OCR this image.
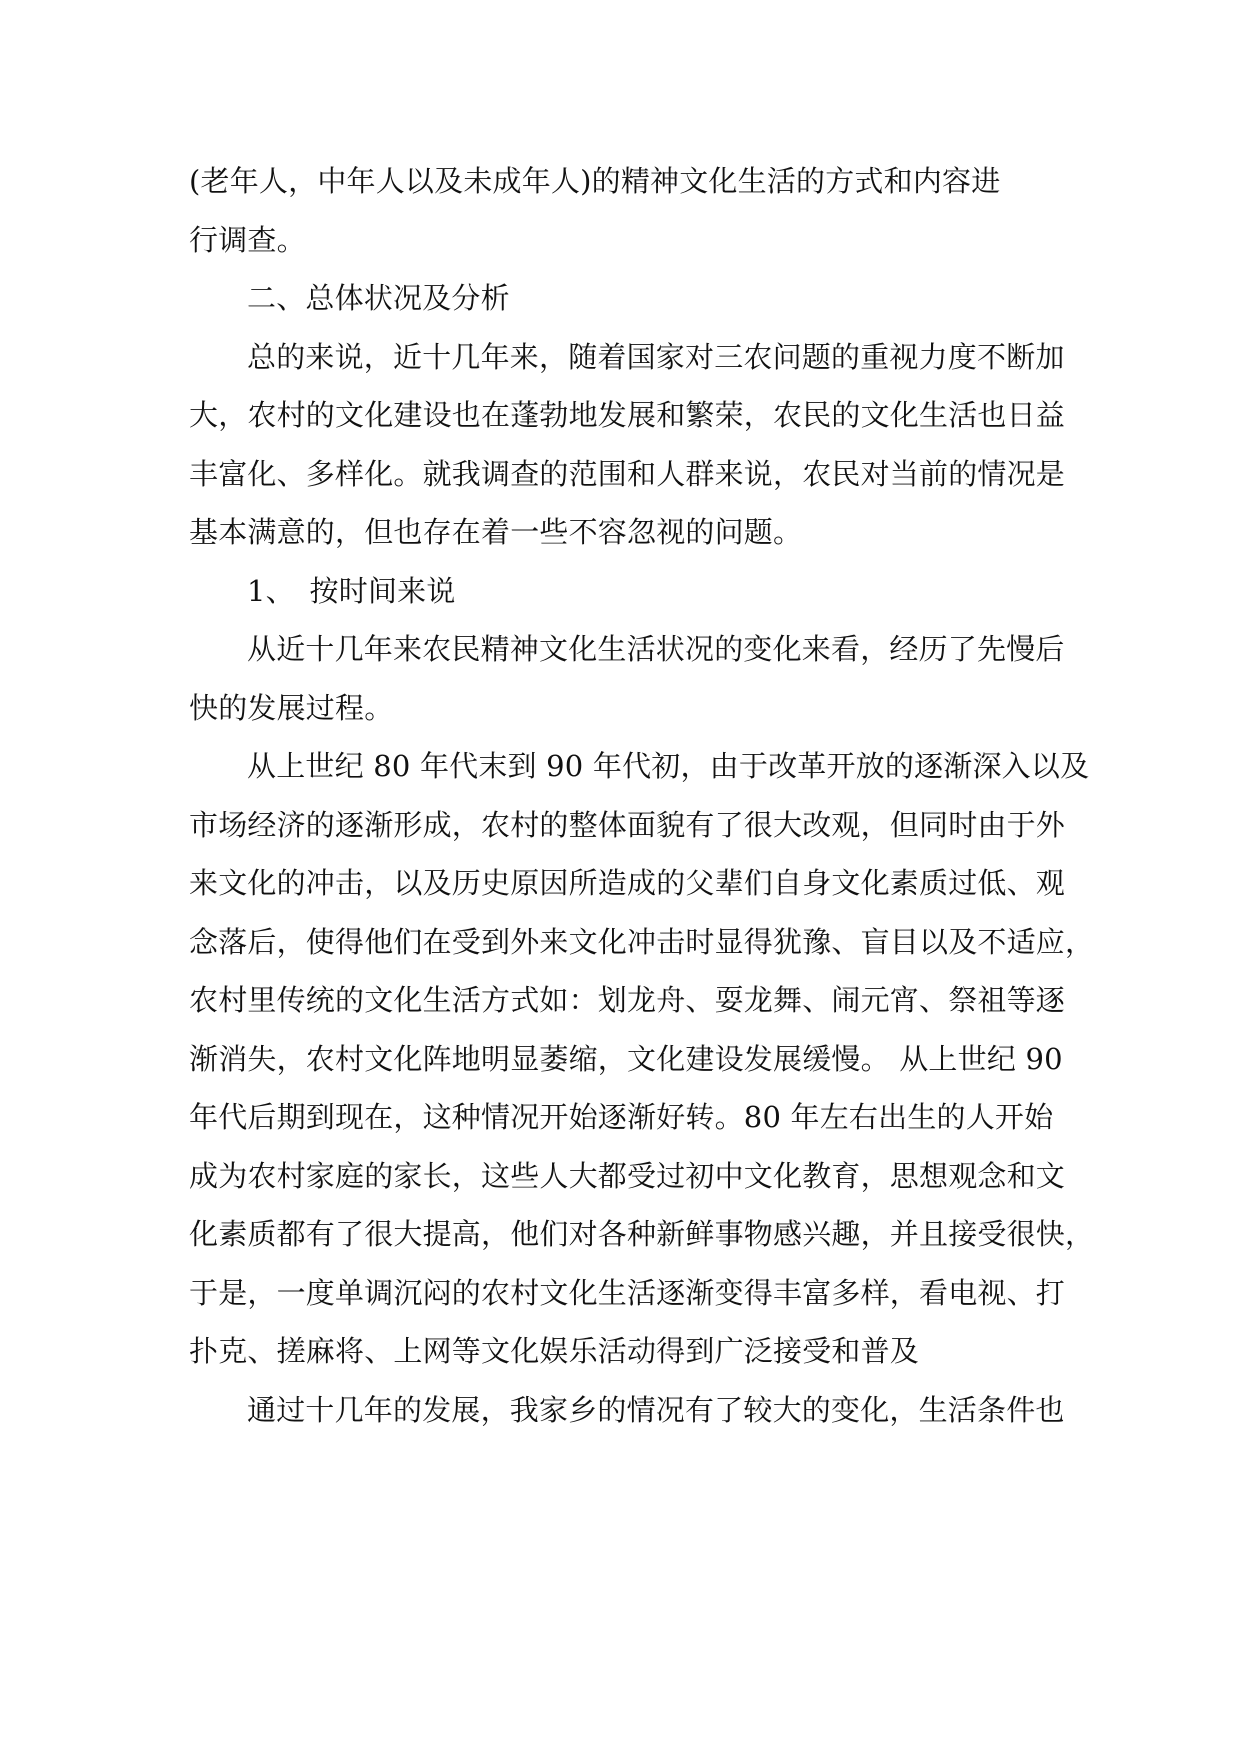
(老年人，中年人以及未成年人)的精神文化生活的方式和内容进
行调查。

二、总体状况及分析

总的来说，近十几年来，随着国家对三农问题的重视力度不断加
大，农村的文化建设也在蓬勃地发展和繁荣，农民的文化生活也日益
丰富化、多样化。就我调查的范围和人群来说，农民对当前的情况是
基本满意的，但也存在着一些不容忽视的问题。

1、　按时间来说

从近十几年来农民精神文化生活状况的变化来看，经历了先慢后
快的发展过程。

从上世纪 80 年代末到 90 年代初，由于改革开放的逐渐深入以及
市场经济的逐渐形成，农村的整体面貌有了很大改观，但同时由于外
来文化的冲击，以及历史原因所造成的父辈们自身文化素质过低、观
念落后，使得他们在受到外来文化冲击时显得犹豫、盲目以及不适应，
农村里传统的文化生活方式如：划龙舟、耍龙舞、闹元宵、祭祖等逐
渐消失，农村文化阵地明显萎缩，文化建设发展缓慢。 从上世纪 90
年代后期到现在，这种情况开始逐渐好转。80 年左右出生的人开始
成为农村家庭的家长，这些人大都受过初中文化教育，思想观念和文
化素质都有了很大提高，他们对各种新鲜事物感兴趣，并且接受很快，
于是，一度单调沉闷的农村文化生活逐渐变得丰富多样，看电视、打
扑克、搓麻将、上网等文化娱乐活动得到广泛接受和普及

通过十几年的发展，我家乡的情况有了较大的变化，生活条件也
